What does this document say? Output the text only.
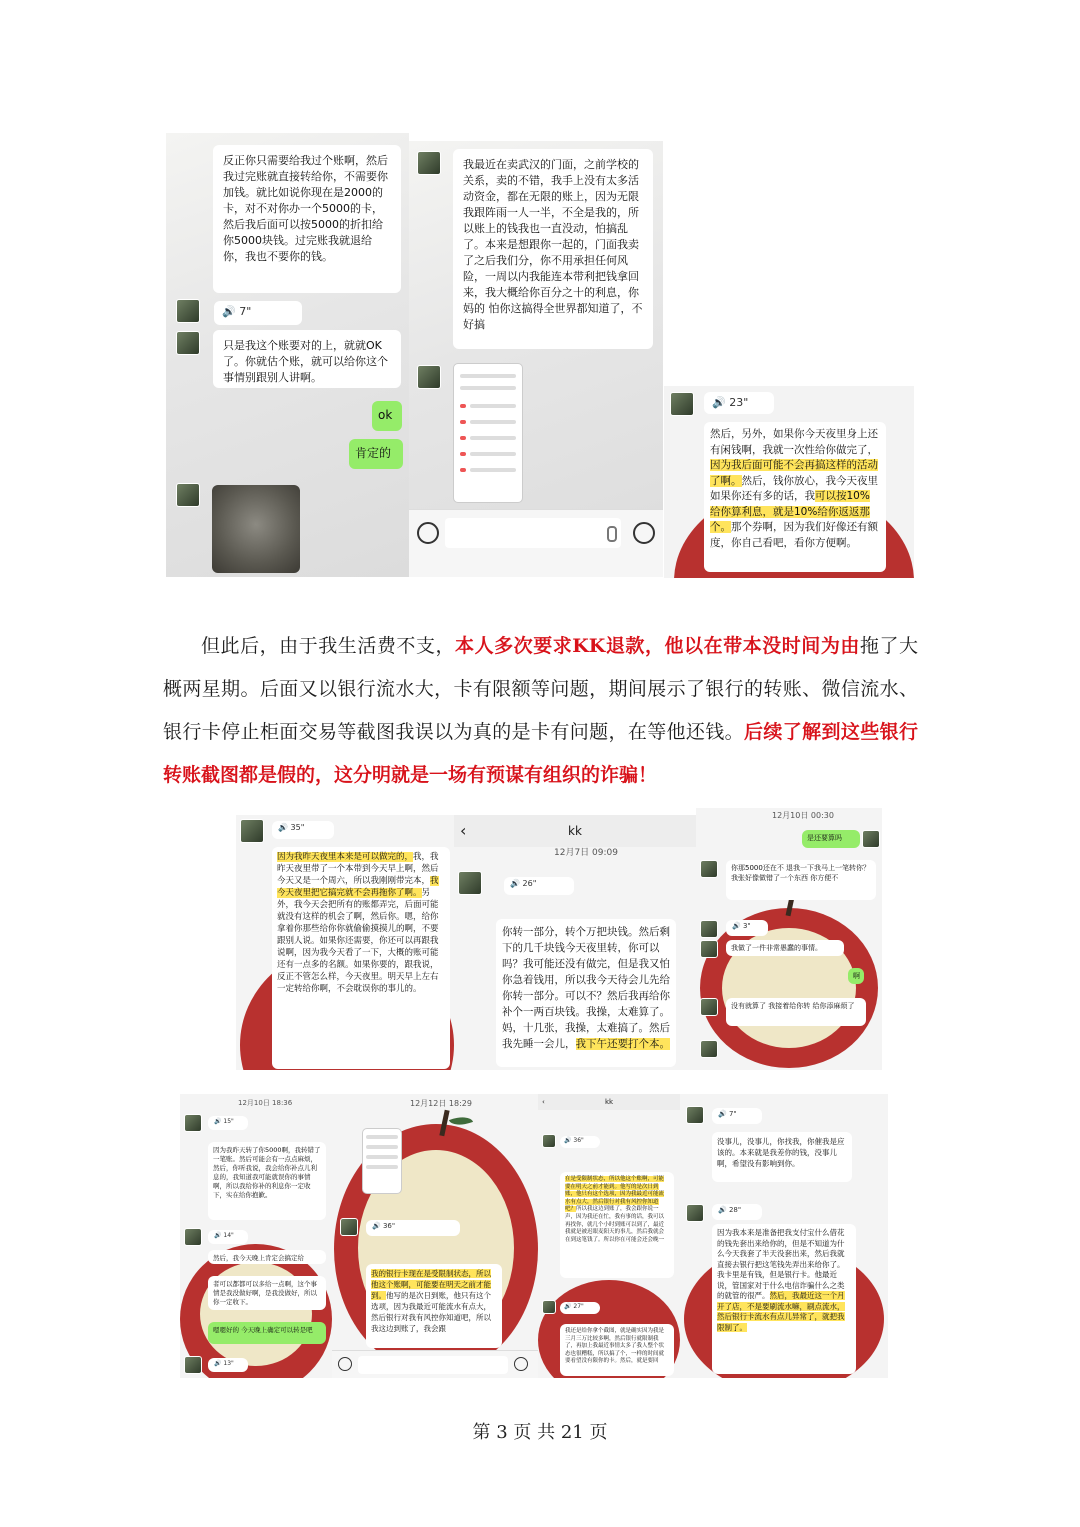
反正你只需要给我过个账啊，然后我过完账就直接转给你，不需要你加钱。就比如说你现在是2000的卡，对不对你办一个5000的卡，然后我后面可以按5000的折扣给你5000块钱。过完账我就退给你，我也不要你的钱。
🔊 7"
只是我这个账要对的上，就就OK了。你就估个账，就可以给你这个事情别跟别人讲啊。
ok
肯定的
我最近在卖武汉的门面，之前学校的关系，卖的不错，我手上没有太多活动资金，都在无限的账上，因为无限我跟阵雨一人一半，不全是我的，所以账上的钱我也一直没动，怕搞乱了。本来是想跟你一起的，门面我卖了之后我们分，你不用承担任何风险，一周以内我能连本带利把钱拿回来，我大概给你百分之十的利息，你妈的 怕你这搞得全世界都知道了，不好搞
🔊 23"
然后，另外，如果你今天夜里身上还有闲钱啊，我就一次性给你做完了，因为我后面可能不会再搞这样的活动了啊。然后，钱你放心，我今天夜里如果你还有多的话，我可以按10%给你算利息，就是10%给你返返那个。那个券啊，因为我们好像还有额度，你自己看吧，看你方便啊。
但此后，由于我生活费不支，本人多次要求KK退款，他以在带本没时间为由拖了大概两星期。后面又以银行流水大，卡有限额等问题，期间展示了银行的转账、微信流水、银行卡停止柜面交易等截图我误以为真的是卡有问题，在等他还钱。后续了解到这些银行转账截图都是假的，这分明就是一场有预谋有组织的诈骗！
🔊 35"
因为我昨天夜里本来是可以做完的，我，我昨天夜里带了一个本带到今天早上啊，然后今天又是一个周六，所以我刚刚带完本，我今天夜里把它搞完就不会再拖你了啊。另外，我今天会把所有的账都弄完，后面可能就没有这样的机会了啊，然后你。嗯，给你拿着你那些给你你就偷偷摸摸儿的啊，不要跟别人说。如果你还需要，你还可以再跟我说啊，因为我今天看了一下，大概的账可能还有一点多的名额。如果你要的，跟我说，反正不管怎么样，今天夜里。明天早上左右一定转给你啊，不会耽误你的事儿的。
‹	kk
12月7日 09:09
🔊 26"
你转一部分，转个万把块钱。然后剩下的几千块钱今天夜里转，你可以吗？我可能还没有做完，但是我又怕你急着钱用，所以我今天待会儿先给你转一部分。可以不？然后我再给你补个一两百块钱。我操，太难算了。妈，十几张，我操，太难搞了。然后我先睡一会儿，我下午还要打个本。
12月10日 00:30
是还要算吗
你那5000还在不 退我一下我马上一笔转你？ 我张好像做错了一个东西 你方便不
🔊 3"
我做了一件非常愚蠢的事情。
啊
没有就算了 我接着给你转 给你添麻烦了
12月10日 18:36
🔊 15"
因为我昨天转了你5000啊，我转错了一笔账。然后可能会有一点点麻烦，然后，你听我说，我会给你补点儿利息的，我知道我可能就误你的事情啊，所以我给你补的利息你一定收下，实在给你抱歉。
🔊 14"
然后，我今天晚上肯定会搞定给
者可以都都可以多给一点啊，这个事情是我没做好啊，是我没做好，所以你一定收下。
嗯嗯好的 今天晚上确定可以转是吧
🔊 13"
12月12日 18:29
🔊 36"
我的银行卡现在是受限制状态，所以他这个账啊，可能要在明天之前才能到。他写的是次日到账，他只有这个选项，因为我最近可能流水有点大，然后银行对我有风控你知道吧，所以我这边到账了，我会跟
‹	kk
🔊 36"
在是受限制状态，所以他这个账啊，可能要在明天之前才能到。他写的是次日到账，他只有这个选项，因为我最近可能流水有点大，然后银行对我有风控你知道吧？所以我这边到账了，我会跟你说一声，因为我还在忙，我有事的话，我可以再找你，就几个小时到账可以到了，最近我就是被迟眼麦阳天的事儿，然后我就会在到这笔钱了。所以你在可能会还会晚一
🔊 27"
我还是给你拿个截图，就是确实因为我是三月三万比较多啊，然后银行就限制我了，再加上我最近事情太多了我人整个状态也很糟糕，所以搞了个，一样的时间就要看望没有限你的卡。然后，就是要回
🔊 7"
没事儿，没事儿，你找我，你催我是应该的。本来就是我差你的钱，没事儿啊，希望没有影响到你。
🔊 28"
因为我本来是准备把我支付宝什么借花的钱先套出来给你的，但是不知道为什么今天我套了半天没套出来，然后我就直接去银行把这笔钱先弄出来给你了。我卡里是有钱，但是银行卡。他最近说，管国家对于什么电信诈骗什么之类的就管的很严。然后，我最近这一个月开了店，不是要刷流水嘛，刷点流水，然后银行卡流水有点儿异常了，就把我限制了。
第 3 页 共 21 页
